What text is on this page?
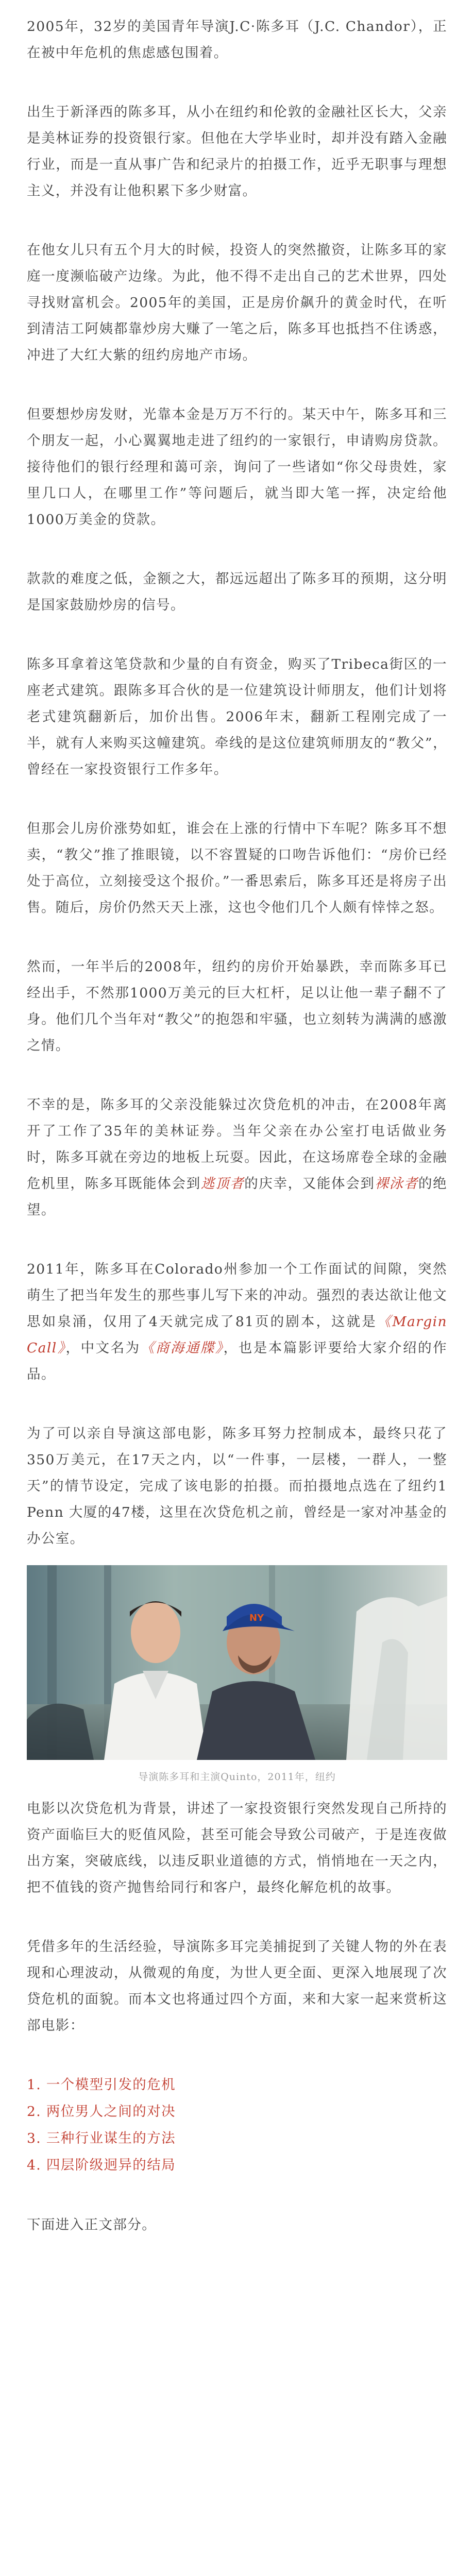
2005年，32岁的美国青年导演J.C·陈多耳（J.C. Chandor），正在被中年危机的焦虑感包围着。

出生于新泽西的陈多耳，从小在纽约和伦敦的金融社区长大，父亲是美林证券的投资银行家。但他在大学毕业时，却并没有踏入金融行业，而是一直从事广告和纪录片的拍摄工作，近乎无职事与理想主义，并没有让他积累下多少财富。

在他女儿只有五个月大的时候，投资人的突然撤资，让陈多耳的家庭一度濒临破产边缘。为此，他不得不走出自己的艺术世界，四处寻找财富机会。2005年的美国，正是房价飙升的黄金时代，在听到清洁工阿姨都靠炒房大赚了一笔之后，陈多耳也抵挡不住诱惑，冲进了大红大紫的纽约房地产市场。

但要想炒房发财，光靠本金是万万不行的。某天中午，陈多耳和三个朋友一起，小心翼翼地走进了纽约的一家银行，申请购房贷款。接待他们的银行经理和蔼可亲，询问了一些诸如“你父母贵姓，家里几口人，在哪里工作”等问题后，就当即大笔一挥，决定给他1000万美金的贷款。

款款的难度之低，金额之大，都远远超出了陈多耳的预期，这分明是国家鼓励炒房的信号。

陈多耳拿着这笔贷款和少量的自有资金，购买了Tribeca街区的一座老式建筑。跟陈多耳合伙的是一位建筑设计师朋友，他们计划将老式建筑翻新后，加价出售。2006年末，翻新工程刚完成了一半，就有人来购买这幢建筑。牵线的是这位建筑师朋友的“教父”，曾经在一家投资银行工作多年。

但那会儿房价涨势如虹，谁会在上涨的行情中下车呢？陈多耳不想卖，“教父”推了推眼镜，以不容置疑的口吻告诉他们：“房价已经处于高位，立刻接受这个报价。”一番思索后，陈多耳还是将房子出售。随后，房价仍然天天上涨，这也令他们几个人颇有悻悻之怒。

然而，一年半后的2008年，纽约的房价开始暴跌，幸而陈多耳已经出手，不然那1000万美元的巨大杠杆，足以让他一辈子翻不了身。他们几个当年对“教父”的抱怨和牢骚，也立刻转为满满的感激之情。

不幸的是，陈多耳的父亲没能躲过次贷危机的冲击，在2008年离开了工作了35年的美林证券。当年父亲在办公室打电话做业务时，陈多耳就在旁边的地板上玩耍。因此，在这场席卷全球的金融危机里，陈多耳既能体会到逃顶者的庆幸，又能体会到裸泳者的绝望。

2011年，陈多耳在Colorado州参加一个工作面试的间隙，突然萌生了把当年发生的那些事儿写下来的冲动。强烈的表达欲让他文思如泉涌，仅用了4天就完成了81页的剧本，这就是《Margin Call》，中文名为《商海通牒》，也是本篇影评要给大家介绍的作品。

为了可以亲自导演这部电影，陈多耳努力控制成本，最终只花了350万美元，在17天之内，以“一件事，一层楼，一群人，一整天”的情节设定，完成了该电影的拍摄。而拍摄地点选在了纽约1 Penn 大厦的47楼，这里在次贷危机之前，曾经是一家对冲基金的办公室。

NY
导演陈多耳和主演Quinto，2011年，纽约

电影以次贷危机为背景，讲述了一家投资银行突然发现自己所持的资产面临巨大的贬值风险，甚至可能会导致公司破产，于是连夜做出方案，突破底线，以违反职业道德的方式，悄悄地在一天之内，把不值钱的资产抛售给同行和客户，最终化解危机的故事。

凭借多年的生活经验，导演陈多耳完美捕捉到了关键人物的外在表现和心理波动，从微观的角度，为世人更全面、更深入地展现了次贷危机的面貌。而本文也将通过四个方面，来和大家一起来赏析这部电影：

1. 一个模型引发的危机
2. 两位男人之间的对决
3. 三种行业谋生的方法
4. 四层阶级迥异的结局

下面进入正文部分。
